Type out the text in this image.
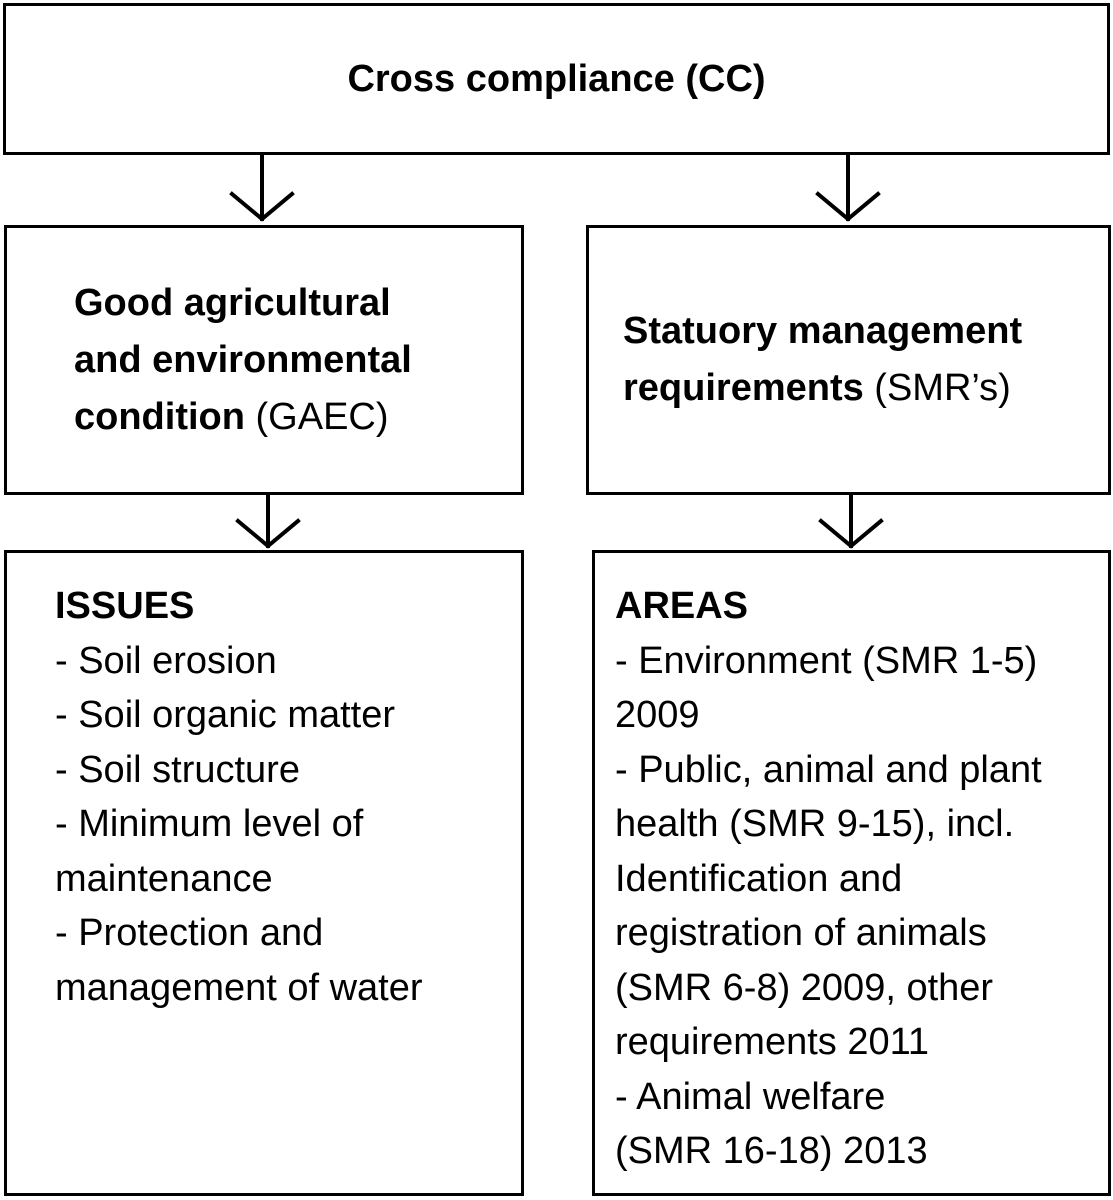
Cross compliance (CC)
Good agricultural
and environmental
condition (GAEC)
Statuory management
requirements (SMR’s)
ISSUES
- Soil erosion
- Soil organic matter
- Soil structure
- Minimum level of
maintenance
- Protection and
management of water
AREAS
- Environment (SMR 1-5)
2009
- Public, animal and plant
health (SMR 9-15), incl.
Identification and
registration of animals
(SMR 6-8) 2009, other
requirements 2011
- Animal welfare
(SMR 16-18) 2013
